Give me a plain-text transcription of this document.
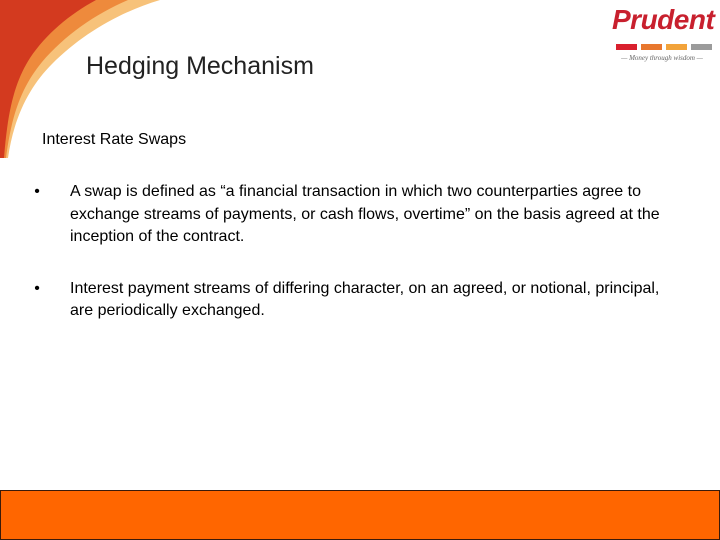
Hedging Mechanism
Prudent
— Money through wisdom —
Interest Rate Swaps
• A swap is defined as “a financial transaction in which two counterparties agree to exchange streams of payments, or cash flows, overtime” on the basis agreed at the inception of the contract.
• Interest payment streams of differing character, on an agreed, or notional, principal, are periodically exchanged.
